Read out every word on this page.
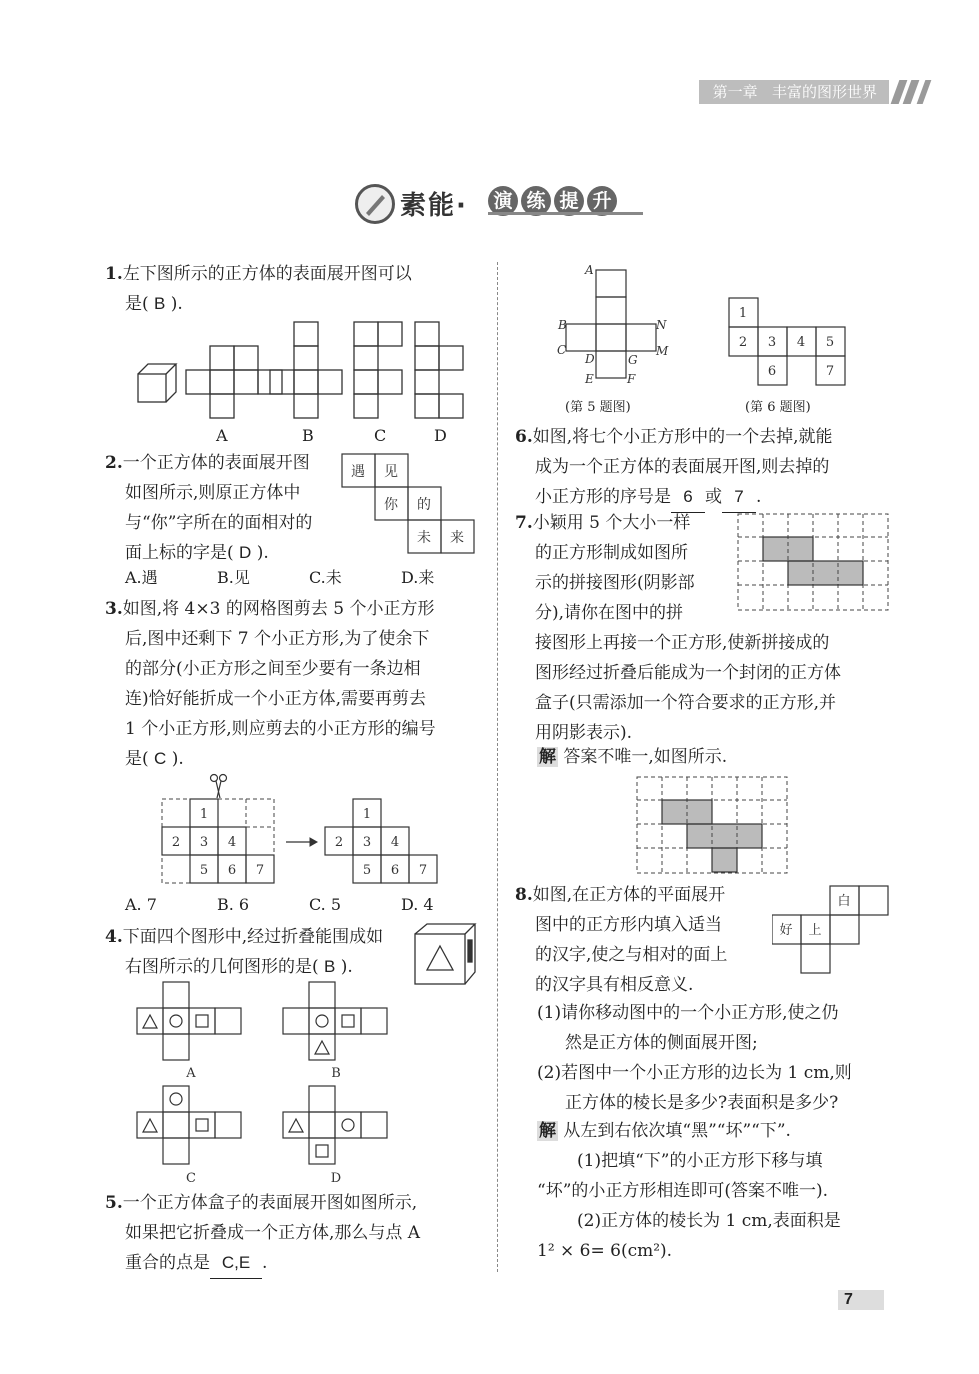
第一章 丰富的图形世界
素能· 演 练 提 升
1.左下图所示的正方体的表面展开图可以
是( B ).
A	B	C	D
2.一个正方体的表面展开图
如图所示,则原正方体中
与“你”字所在的面相对的
面上标的字是( D ).
遇 见
你 的
未 来
A.遇	B.见	C.未	D.来
3.如图,将 4×3 的网格图剪去 5 个小正方形
后,图中还剩下 7 个小正方形,为了使余下
的部分(小正方形之间至少要有一条边相
连)恰好能折成一个小正方体,需要再剪去
1 个小正方形,则应剪去的小正方形的编号
是( C ).
1
2 3 4
5 6 7
1
2 3 4
5 6 7
A. 7	B. 6	C. 5	D. 4
4.下面四个图形中,经过折叠能围成如
右图所示的几何图形的是( B ).
A	B
C	D
5.一个正方体盒子的表面展开图如图所示,
如果把它折叠成一个正方体,那么与点 A
重合的点是 C,E .
A
B
C
N
M
D	G
E	F
(第 5 题图)
1
2 3 4 5
6	7
(第 6 题图)
6.如图,将七个小正方形中的一个去掉,就能
成为一个正方体的表面展开图,则去掉的
小正方形的序号是 6 或 7 .
7.小颖用 5 个大小一样
的正方形制成如图所
示的拼接图形(阴影部
分),请你在图中的拼
接图形上再接一个正方形,使新拼接成的
图形经过折叠后能成为一个封闭的正方体
盒子(只需添加一个符合要求的正方形,并
用阴影表示).
解 答案不唯一,如图所示.
8.如图,在正方体的平面展开
图中的正方形内填入适当
的汉字,使之与相对的面上
的汉字具有相反意义.
白
好 上
(1)请你移动图中的一个小正方形,使之仍
然是正方体的侧面展开图;
(2)若图中一个小正方形的边长为 1 cm,则
正方体的棱长是多少?表面积是多少?
解 从左到右依次填“黑”“坏”“下”.
(1)把填“下”的小正方形下移与填
“坏”的小正方形相连即可(答案不唯一).
(2)正方体的棱长为 1 cm,表面积是
1² × 6= 6(cm²).
7
